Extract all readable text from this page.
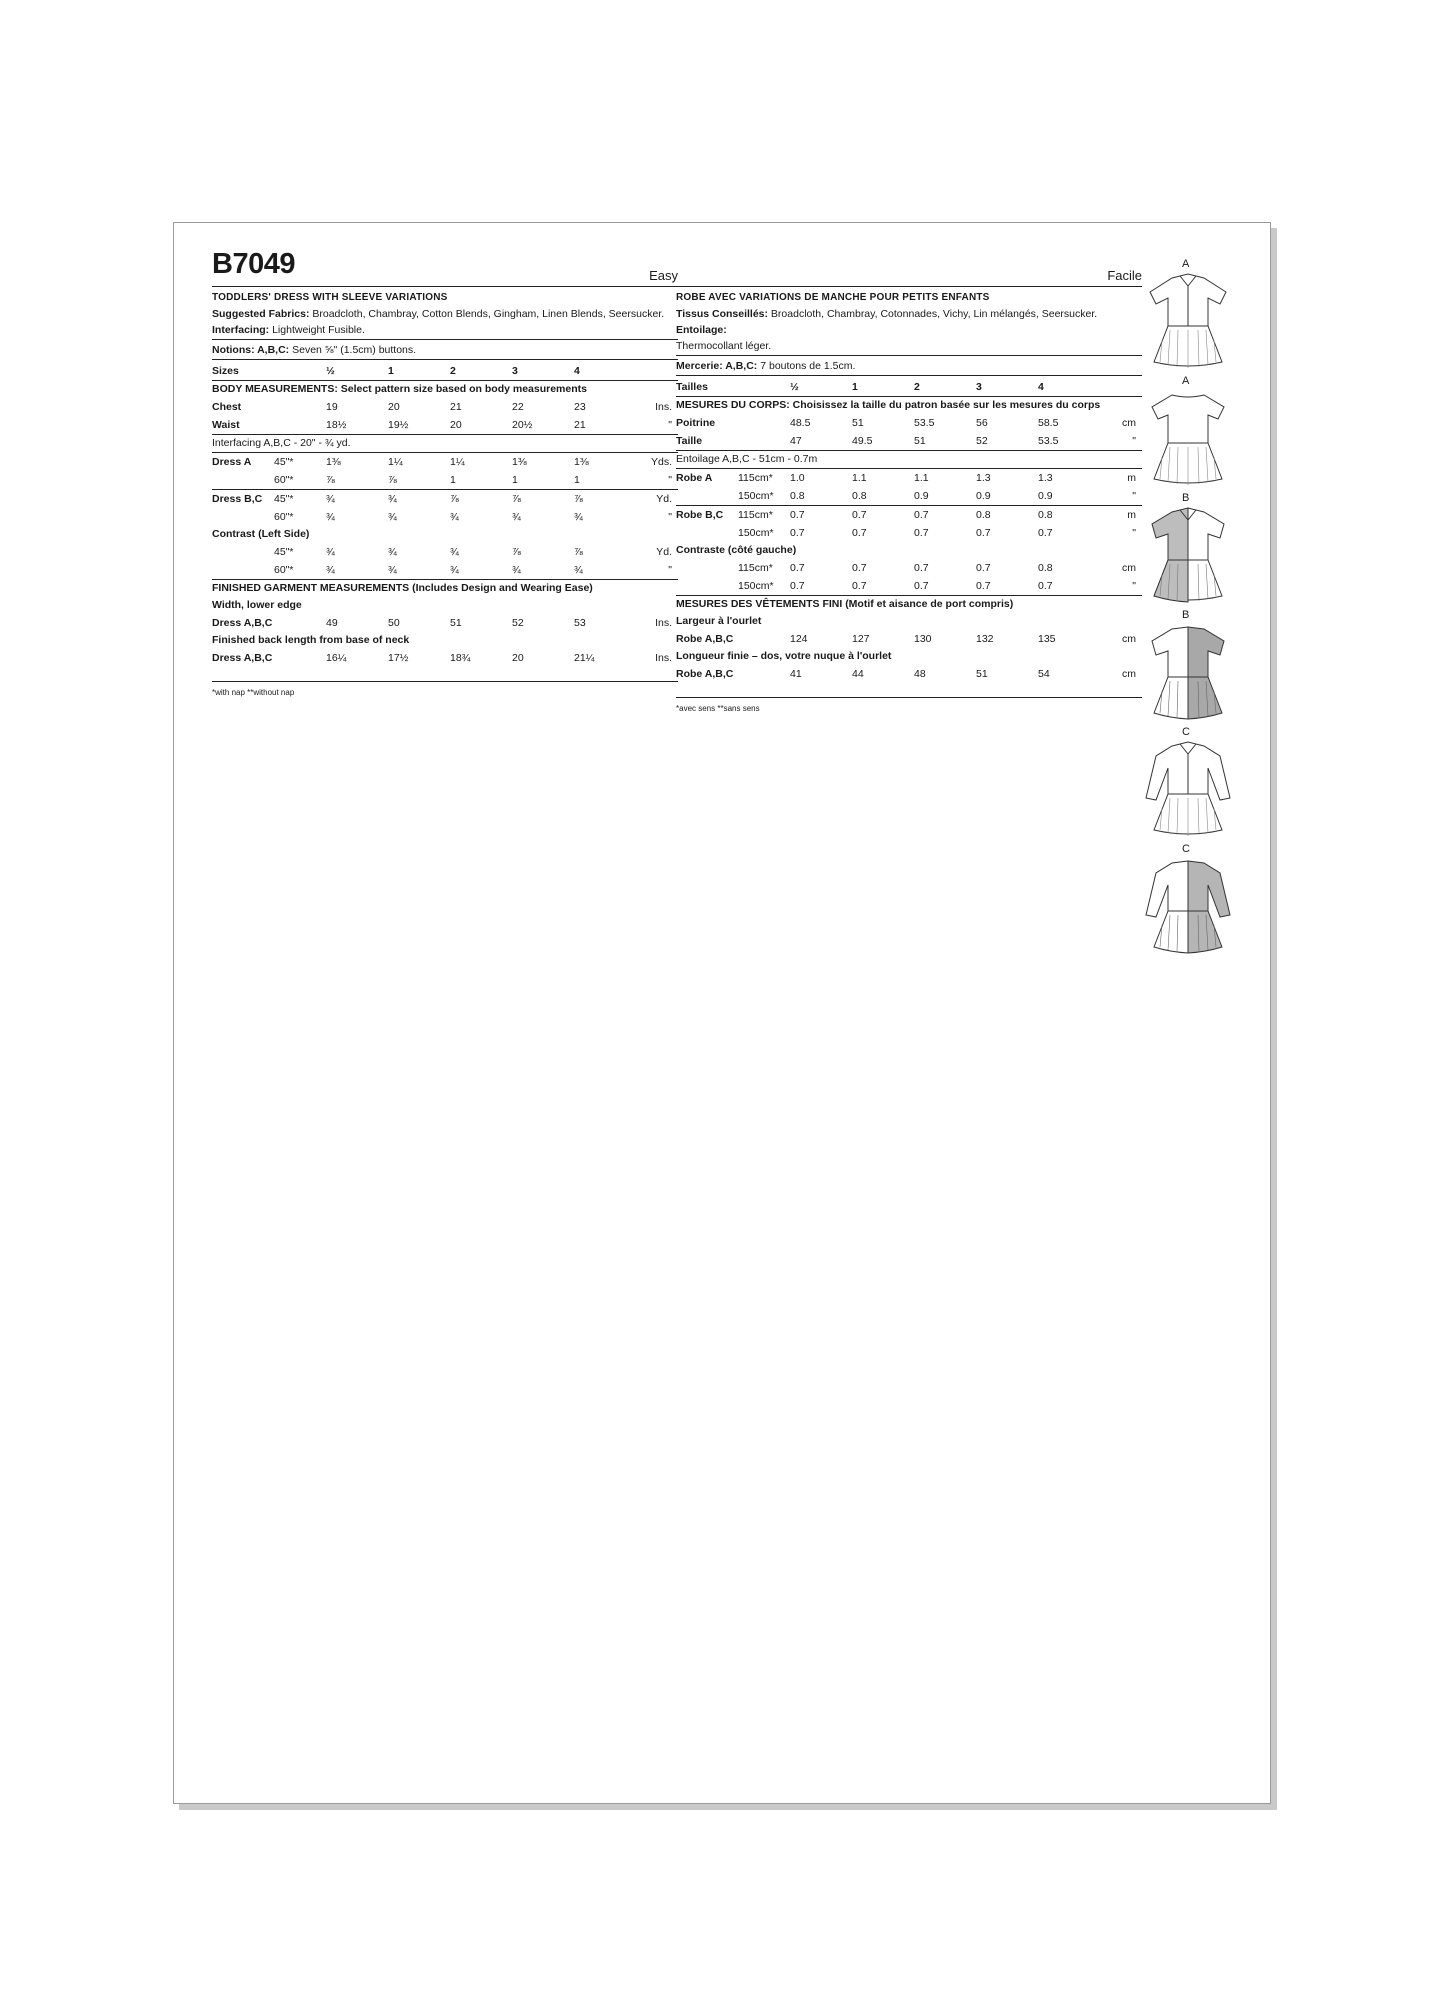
B7049	Easy
TODDLERS' DRESS WITH SLEEVE VARIATIONS
Suggested Fabrics: Broadcloth, Chambray, Cotton Blends, Gingham, Linen Blends, Seersucker.
Interfacing: Lightweight Fusible.
Notions: A,B,C: Seven ⅝" (1.5cm) buttons.
Sizes		½	1	2	3	4	
BODY MEASUREMENTS: Select pattern size based on body measurements							
Chest		19	20	21	22	23	Ins.
Waist		18½	19½	20	20½	21	"
Interfacing A,B,C - 20" - ¾ yd.							
Dress A	45"*	1⅜	1¼	1¼	1⅜	1⅜	Yds.
	60"*	⅞	⅞	1	1	1	"
Dress B,C	45"*	¾	¾	⅞	⅞	⅞	Yd.
	60"*	¾	¾	¾	¾	¾	"
Contrast (Left Side)							
	45"*	¾	¾	¾	⅞	⅞	Yd.
	60"*	¾	¾	¾	¾	¾	"
FINISHED GARMENT MEASUREMENTS (Includes Design and Wearing Ease)							
Width, lower edge							
Dress A,B,C		49	50	51	52	53	Ins.
Finished back length from base of neck							
Dress A,B,C		16¼	17½	18¾	20	21¼	Ins.
*with nap **without nap
Facile
ROBE AVEC VARIATIONS DE MANCHE POUR PETITS ENFANTS
Tissus Conseillés: Broadcloth, Chambray, Cotonnades, Vichy, Lin mélangés, Seersucker. Entoilage:
Thermocollant léger.
Mercerie: A,B,C: 7 boutons de 1.5cm.
Tailles		½	1	2	3	4	
MESURES DU CORPS: Choisissez la taille du patron basée sur les mesures du corps							
Poitrine		48.5	51	53.5	56	58.5	cm
Taille		47	49.5	51	52	53.5	"
Entoilage A,B,C - 51cm - 0.7m							
Robe A	115cm*	1.0	1.1	1.1	1.3	1.3	m
	150cm*	0.8	0.8	0.9	0.9	0.9	"
Robe B,C	115cm*	0.7	0.7	0.7	0.8	0.8	m
	150cm*	0.7	0.7	0.7	0.7	0.7	"
Contraste (côté gauche)							
	115cm*	0.7	0.7	0.7	0.7	0.8	cm
	150cm*	0.7	0.7	0.7	0.7	0.7	"
MESURES DES VÊTEMENTS FINI (Motif et aisance de port compris)							
Largeur à l'ourlet							
Robe A,B,C		124	127	130	132	135	cm
Longueur finie – dos, votre nuque à l'ourlet							
Robe A,B,C		41	44	48	51	54	cm
*avec sens **sans sens
A
A
B
B
C
C
